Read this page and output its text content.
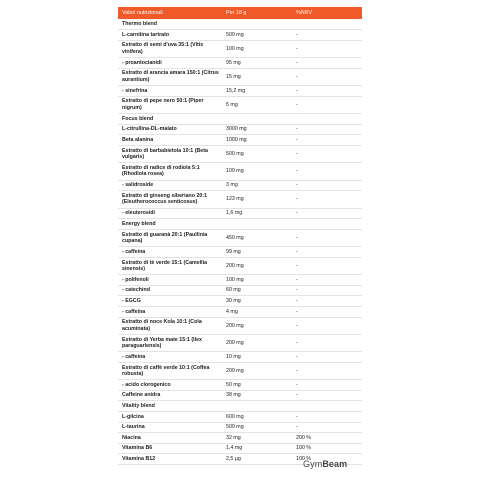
Valori nutrizionali	Per 18 g	%NRV
Thermo blend		
L-carnitina tartrato	500 mg	-
Estratto di semi d'uva 35:1 (Vitis vinifera)	100 mg	-
- proantocianidi	95 mg	-
Estratto di arancia amara 150:1 (Citrus aurantium)	15 mg	-
- sinefrina	15,2 mg	-
Estratto di pepe nero 50:1 (Piper nigrum)	5 mg	-
Focus blend		
L-citrullina-DL-malato	3000 mg	-
Beta alanina	1000 mg	-
Estratto di barbabietola 10:1 (Beta vulgaris)	500 mg	-
Estratto di radice di rodiola 5:1 (Rhodiola rosea)	100 mg	-
- salidroside	3 mg	-
Estratto di ginseng siberiano 20:1 (Eleutherococcus senticosus)	123 mg	-
- eleuterosidi	1,6 mg	-
Energy blend		
Estratto di guaranà 20:1 (Paullinia cupana)	450 mg	-
- caffeina	99 mg	-
Estratto di tè verde 15:1 (Camellia sinensis)	200 mg	-
- polifenoli	100 mg	-
- catechind	60 mg	-
- EGCG	30 mg	-
- caffeina	4 mg	-
Estratto di noce Kola 10:1 (Cola acuminata)	200 mg	-
Estratto di Yerba mate 15:1 (Ilex paraguariensis)	200 mg	-
- caffeina	10 mg	-
Estratto di caffè verde 10:1 (Coffea robusta)	200 mg	-
- acido clorogenico	50 mg	-
Caffeine anidra	38 mg	-
Vitality blend		
L-glicina	600 mg	-
L-taurina	500 mg	-
Niacina	32 mg	200 %
Vitamina B6	1,4 mg	100 %
Vitamina B12	2,5 μg	100 %
GymBeam
